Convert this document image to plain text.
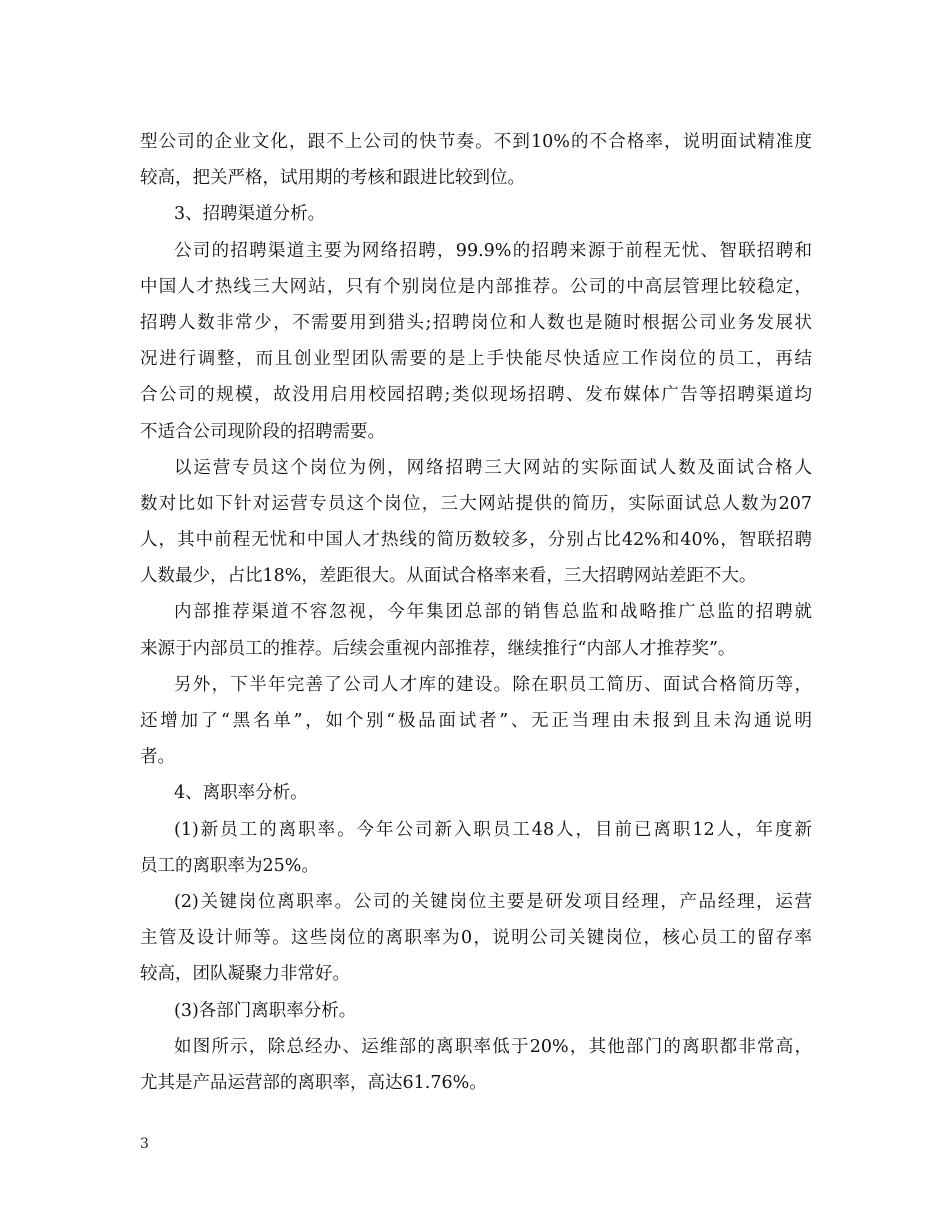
型公司的企业文化，跟不上公司的快节奏。不到10%的不合格率，说明面试精准度
较高，把关严格，试用期的考核和跟进比较到位。
3、招聘渠道分析。
公司的招聘渠道主要为网络招聘，99.9%的招聘来源于前程无忧、智联招聘和
中国人才热线三大网站，只有个别岗位是内部推荐。公司的中高层管理比较稳定，
招聘人数非常少，不需要用到猎头;招聘岗位和人数也是随时根据公司业务发展状
况进行调整，而且创业型团队需要的是上手快能尽快适应工作岗位的员工，再结
合公司的规模，故没用启用校园招聘;类似现场招聘、发布媒体广告等招聘渠道均
不适合公司现阶段的招聘需要。
以运营专员这个岗位为例，网络招聘三大网站的实际面试人数及面试合格人
数对比如下针对运营专员这个岗位，三大网站提供的简历，实际面试总人数为207
人，其中前程无忧和中国人才热线的简历数较多，分别占比42%和40%，智联招聘
人数最少，占比18%，差距很大。从面试合格率来看，三大招聘网站差距不大。
内部推荐渠道不容忽视，今年集团总部的销售总监和战略推广总监的招聘就
来源于内部员工的推荐。后续会重视内部推荐，继续推行“内部人才推荐奖”。
另外，下半年完善了公司人才库的建设。除在职员工简历、面试合格简历等，
还增加了“黑名单”，如个别“极品面试者”、无正当理由未报到且未沟通说明
者。
4、离职率分析。
(1)新员工的离职率。今年公司新入职员工48人，目前已离职12人，年度新
员工的离职率为25%。
(2)关键岗位离职率。公司的关键岗位主要是研发项目经理，产品经理，运营
主管及设计师等。这些岗位的离职率为0，说明公司关键岗位，核心员工的留存率
较高，团队凝聚力非常好。
(3)各部门离职率分析。
如图所示，除总经办、运维部的离职率低于20%，其他部门的离职都非常高，
尤其是产品运营部的离职率，高达61.76%。
3
